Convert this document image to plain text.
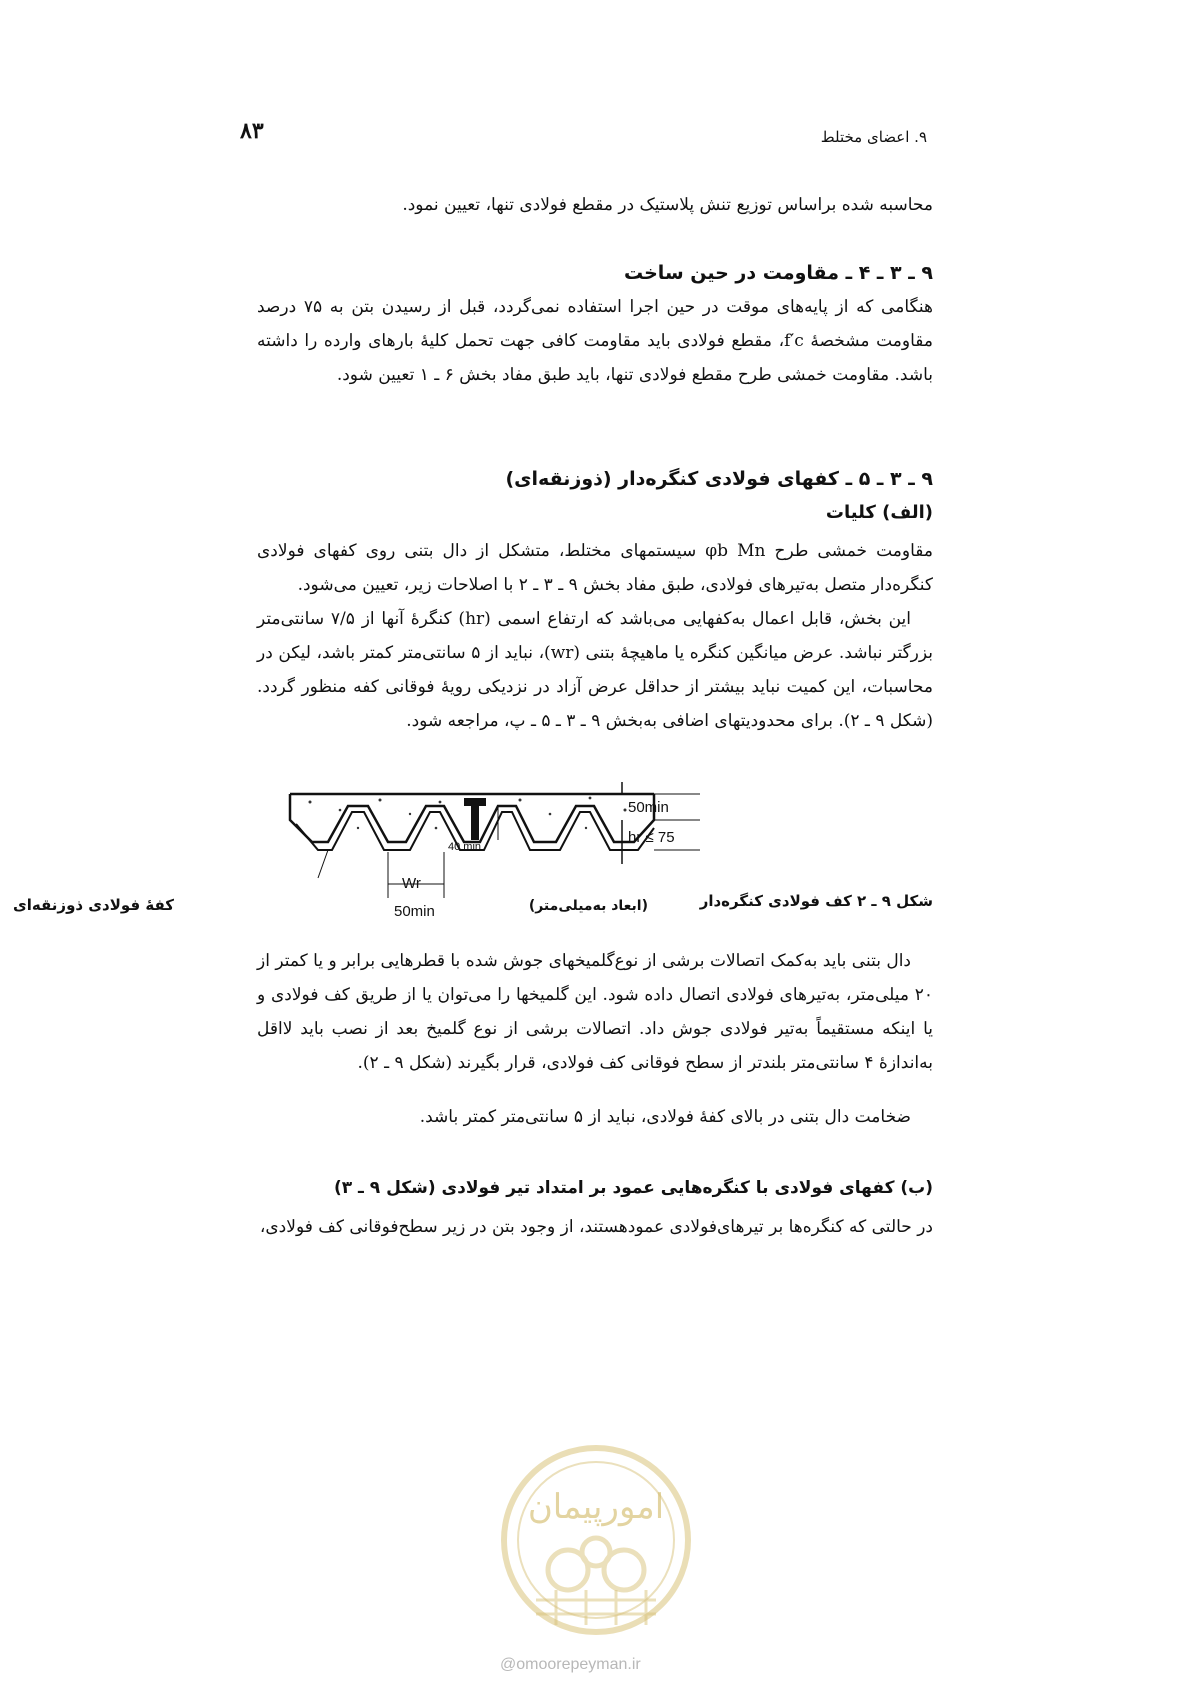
۸۳	۹. اعضای مختلط
محاسبه شده براساس توزیع تنش پلاستیک در مقطع فولادی تنها، تعیین نمود.
۹ ـ ۳ ـ ۴ ـ مقاومت در حین ساخت
هنگامی که از پایه‌های موقت در حین اجرا استفاده نمی‌گردد، قبل از رسیدن بتن به ۷۵ درصد مقاومت مشخصهٔ f′c، مقطع فولادی باید مقاومت کافی جهت تحمل کلیهٔ بارهای وارده را داشته باشد. مقاومت خمشی طرح مقطع فولادی تنها، باید طبق مفاد بخش ۶ ـ ۱ تعیین شود.
۹ ـ ۳ ـ ۵ ـ کفهای فولادی کنگره‌دار (ذوزنقه‌ای)
(الف) کلیات
مقاومت خمشی طرح φb Mn سیستمهای مختلط، متشکل از دال بتنی روی کفهای فولادی کنگره‌دار متصل به‌تیرهای فولادی، طبق مفاد بخش ۹ ـ ۳ ـ ۲ با اصلاحات زیر، تعیین می‌شود.
این بخش، قابل اعمال به‌کفهایی می‌باشد که ارتفاع اسمی (hr) کنگرهٔ آنها از ۷/۵ سانتی‌متر بزرگتر نباشد. عرض میانگین کنگره یا ماهیچهٔ بتنی (wr)، نباید از ۵ سانتی‌متر کمتر باشد، لیکن در محاسبات، این کمیت نباید بیشتر از حداقل عرض آزاد در نزدیکی رویهٔ فوقانی کفه منظور گردد. (شکل ۹ ـ ۲). برای محدودیتهای اضافی به‌بخش ۹ ـ ۳ ـ ۵ ـ پ، مراجعه شود.
50min
hr ≤ 75
40 min
Wr
50min
کفهٔ فولادی ذوزنقه‌ای	(ابعاد به‌میلی‌متر)	شکل ۹ ـ ۲ کف فولادی کنگره‌دار
دال بتنی باید به‌کمک اتصالات برشی از نوع‌گلمیخهای جوش شده با قطرهایی برابر و یا کمتر از ۲۰ میلی‌متر، به‌تیرهای فولادی اتصال داده شود. این گلمیخها را می‌توان یا از طریق کف فولادی و یا اینکه مستقیماً به‌تیر فولادی جوش داد. اتصالات برشی از نوع گلمیخ بعد از نصب باید لااقل به‌اندازهٔ ۴ سانتی‌متر بلندتر از سطح فوقانی کف فولادی، قرار بگیرند (شکل ۹ ـ ۲).
ضخامت دال بتنی در بالای کفهٔ فولادی، نباید از ۵ سانتی‌متر کمتر باشد.
(ب) کفهای فولادی با کنگره‌هایی عمود بر امتداد تیر فولادی (شکل ۹ ـ ۳)
در حالتی که کنگره‌ها بر تیرهای‌فولادی عمودهستند، از وجود بتن در زیر سطح‌فوقانی کف فولادی،
امورپیمان
@omoorepeyman.ir
